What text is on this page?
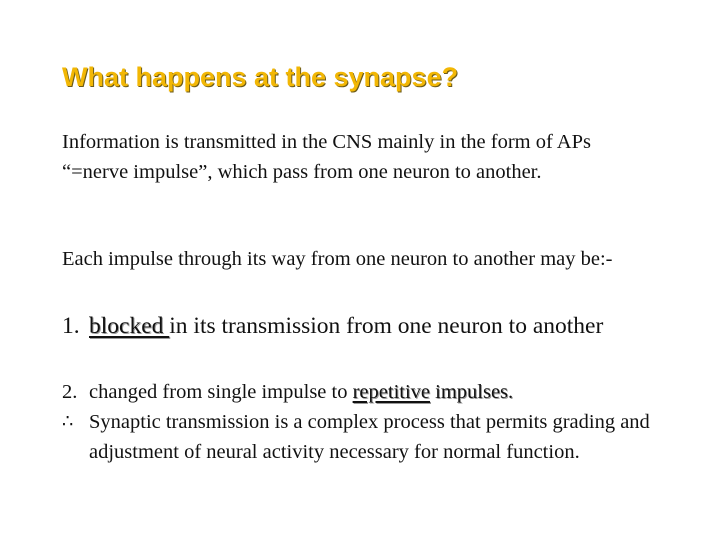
What happens at the synapse?

Information is transmitted in the CNS mainly in the form of APs “=nerve impulse”, which pass from one neuron to another.

Each impulse through its way from one neuron to another may be:-

1. blocked in its transmission from one neuron to another
2. changed from single impulse to repetitive impulses.
∴ Synaptic transmission is a complex process that permits grading and adjustment of neural activity necessary for normal function.
